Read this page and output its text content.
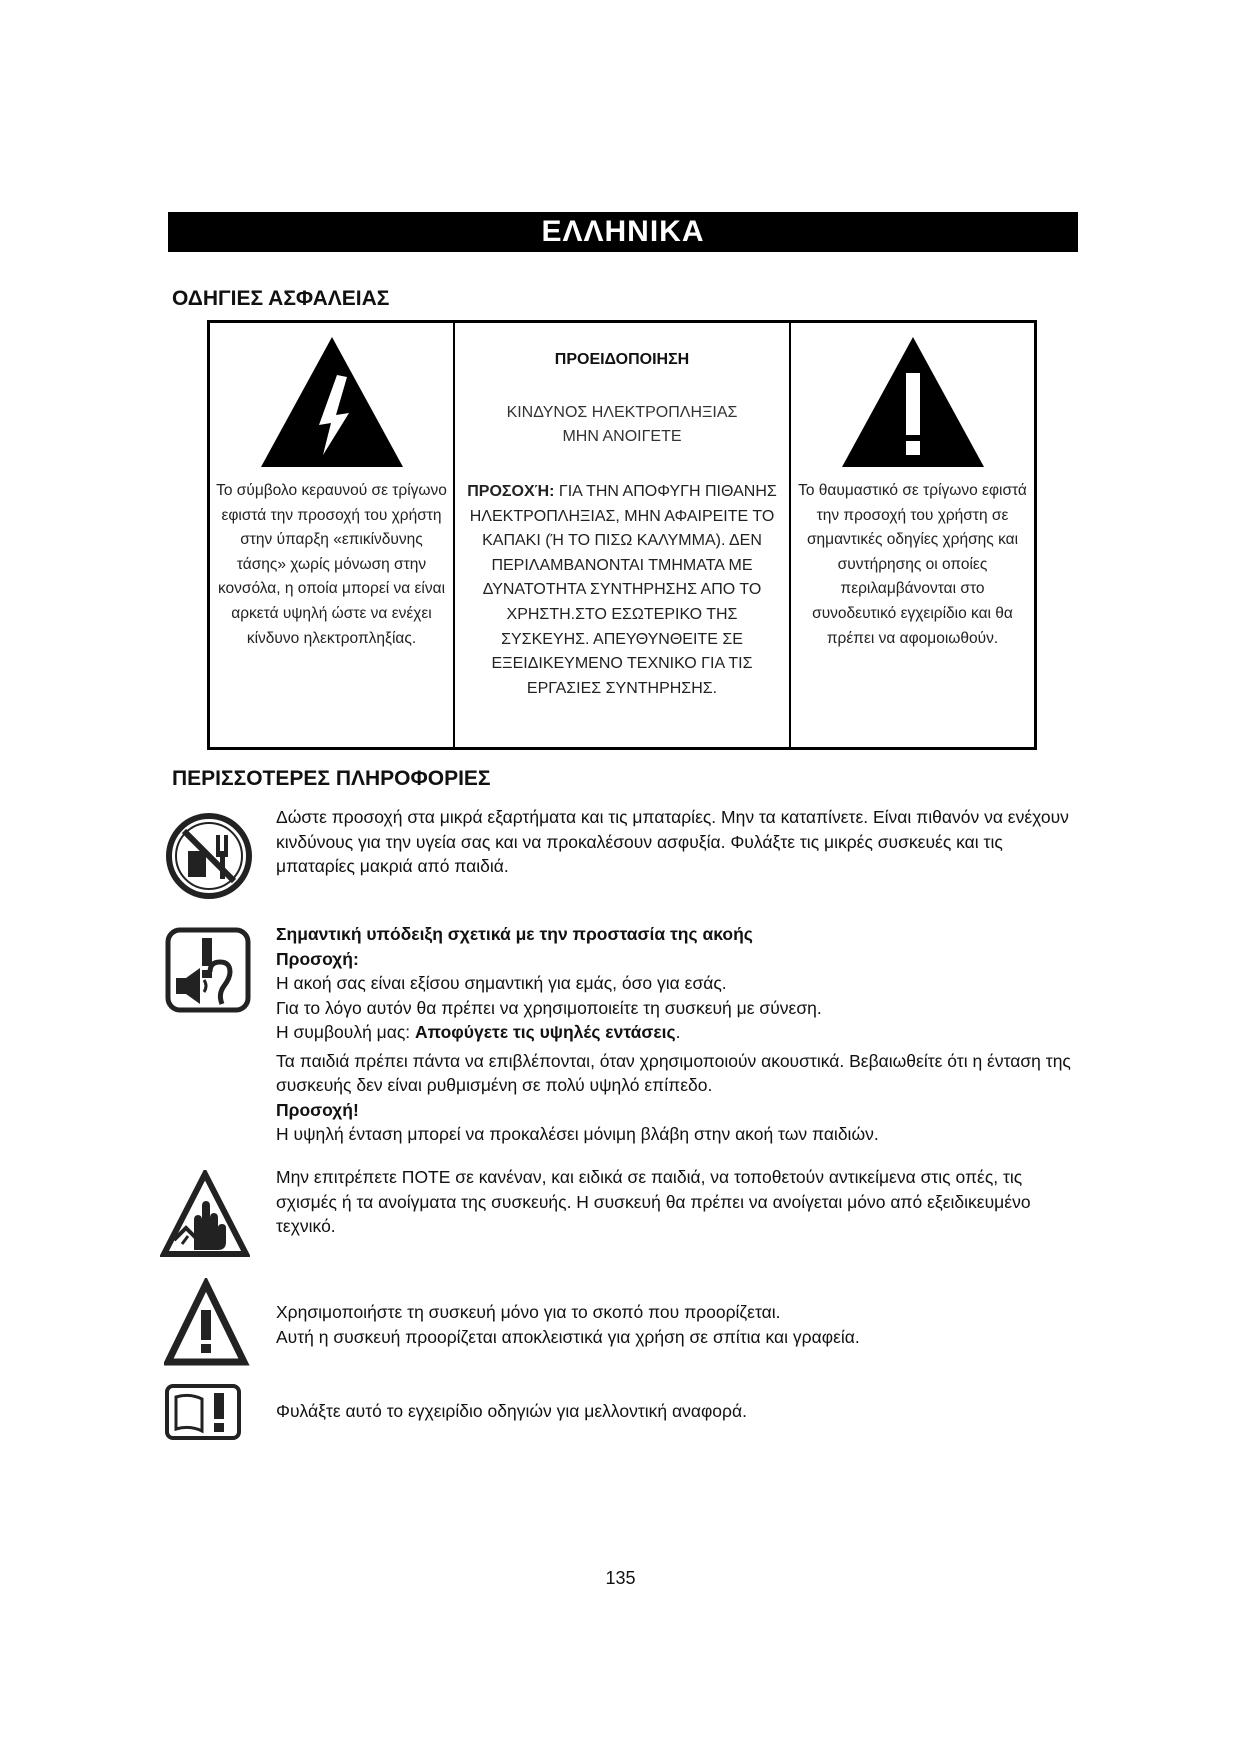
ΕΛΛΗΝΙΚΑ
ΟΔΗΓΙΕΣ ΑΣΦΑΛΕΙΑΣ
Το σύμβολο κεραυνού σε τρίγωνο εφιστά την προσοχή του χρήστη στην ύπαρξη «επικίνδυνης τάσης» χωρίς μόνωση στην κονσόλα, η οποία μπορεί να είναι αρκετά υψηλή ώστε να ενέχει κίνδυνο ηλεκτροπληξίας.
ΠΡΟΕΙΔΟΠΟΙΗΣΗ
ΚΙΝΔΥΝΟΣ ΗΛΕΚΤΡΟΠΛΗΞΙΑΣ
ΜΗΝ ΑΝΟΙΓΕΤΕ
ΠΡΟΣΟΧΉ: ΓΙΑ ΤΗΝ ΑΠΟΦΥΓΗ ΠΙΘΑΝΗΣ ΗΛΕΚΤΡΟΠΛΗΞΙΑΣ, ΜΗΝ ΑΦΑΙΡΕΙΤΕ ΤΟ ΚΑΠΑΚΙ (Ή ΤΟ ΠΙΣΩ ΚΑΛΥΜΜΑ). ΔΕΝ ΠΕΡΙΛΑΜΒΑΝΟΝΤΑΙ ΤΜΗΜΑΤΑ ΜΕ ΔΥΝΑΤΟΤΗΤΑ ΣΥΝΤΗΡΗΣΗΣ ΑΠΟ ΤΟ ΧΡΗΣΤΗ.ΣΤΟ ΕΣΩΤΕΡΙΚΟ ΤΗΣ ΣΥΣΚΕΥΗΣ. ΑΠΕΥΘΥΝΘΕΙΤΕ ΣΕ ΕΞΕΙΔΙΚΕΥΜΕΝΟ ΤΕΧΝΙΚΟ ΓΙΑ ΤΙΣ ΕΡΓΑΣΙΕΣ ΣΥΝΤΗΡΗΣΗΣ.
Το θαυμαστικό σε τρίγωνο εφιστά την προσοχή του χρήστη σε σημαντικές οδηγίες χρήσης και συντήρησης οι οποίες περιλαμβάνονται στο συνοδευτικό εγχειρίδιο και θα πρέπει να αφομοιωθούν.
ΠΕΡΙΣΣΟΤΕΡΕΣ ΠΛΗΡΟΦΟΡΙΕΣ
Δώστε προσοχή στα μικρά εξαρτήματα και τις μπαταρίες. Μην τα καταπίνετε. Είναι πιθανόν να ενέχουν κινδύνους για την υγεία σας και να προκαλέσουν ασφυξία. Φυλάξτε τις μικρές συσκευές και τις μπαταρίες μακριά από παιδιά.
Σημαντική υπόδειξη σχετικά με την προστασία της ακοής
Προσοχή:
Η ακοή σας είναι εξίσου σημαντική για εμάς, όσο για εσάς.
Για το λόγο αυτόν θα πρέπει να χρησιμοποιείτε τη συσκευή με σύνεση.
Η συμβουλή μας: Αποφύγετε τις υψηλές εντάσεις.

Τα παιδιά πρέπει πάντα να επιβλέπονται, όταν χρησιμοποιούν ακουστικά. Βεβαιωθείτε ότι η ένταση της συσκευής δεν είναι ρυθμισμένη σε πολύ υψηλό επίπεδο.
Προσοχή!
Η υψηλή ένταση μπορεί να προκαλέσει μόνιμη βλάβη στην ακοή των παιδιών.
Μην επιτρέπετε ΠΟΤΕ σε κανέναν, και ειδικά σε παιδιά, να τοποθετούν αντικείμενα στις οπές, τις σχισμές ή τα ανοίγματα της συσκευής. Η συσκευή θα πρέπει να ανοίγεται μόνο από εξειδικευμένο τεχνικό.
Χρησιμοποιήστε τη συσκευή μόνο για το σκοπό που προορίζεται.
Αυτή η συσκευή προορίζεται αποκλειστικά για χρήση σε σπίτια και γραφεία.
Φυλάξτε αυτό το εγχειρίδιο οδηγιών για μελλοντική αναφορά.
135
